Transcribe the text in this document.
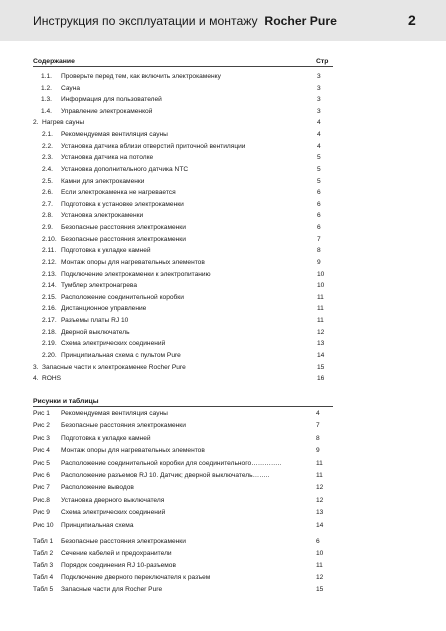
Инструкция по эксплуатации и монтажу Rocher Pure	2
Содержание	Стр
1.1. Проверьте перед тем, как включить электрокаменку	3
1.2. Сауна	3
1.3. Информация для пользователей	3
1.4. Управление электрокаменкой	3
2. Нагрев сауны	4
2.1. Рекомендуемая вентиляция сауны	4
2.2. Установка датчика вблизи отверстий приточной вентиляции	4
2.3. Установка датчика на потолке	5
2.4. Установка дополнительного датчика NTC	5
2.5. Камни для электрокаменки	5
2.6. Если электрокаменка не нагревается	6
2.7. Подготовка к установке электрокаменки	6
2.8. Установка электрокаменки	6
2.9. Безопасные расстояния электрокаменки	6
2.10. Безопасные расстояния электрокаменки	7
2.11. Подготовка к укладке камней	8
2.12. Монтаж опоры для нагревательных элементов	9
2.13. Подключение электрокаменки к электропитанию	10
2.14. Тумблер электронагрева	10
2.15. Расположение соединительной коробки	11
2.16. Дистанционное управление	11
2.17. Разъемы платы RJ 10	11
2.18. Дверной выключатель	12
2.19. Схема электрических соединений	13
2.20. Принципиальная схема с пультом Pure	14
3. Запасные части к электрокаменке Rocher Pure	15
4. ROHS	16
Рисунки и таблицы
Рис 1 Рекомендуемая вентиляция сауны	4
Рис 2 Безопасные расстояния электрокаменки	7
Рис 3 Подготовка к укладке камней	8
Рис 4 Монтаж опоры для нагревательных элементов	9
Рис 5 Расположение соединительной коробки для соединительного…………..	11
Рис 6 Расположение разъемов RJ 10. Датчик; дверной выключатель……..	11
Рис 7 Расположение выводов	12
Рис.8 Установка дверного выключателя	12
Рис 9 Схема электрических соединений	13
Рис 10 Принципиальная схема	14
Табл 1 Безопасные расстояния электрокаменки	6
Табл 2 Сечение кабелей и предохранители	10
Табл 3 Порядок соединения RJ 10-разъемов	11
Табл 4 Подключение дверного переключателя к разъем	12
Табл 5 Запасные части для Rocher Pure	15
